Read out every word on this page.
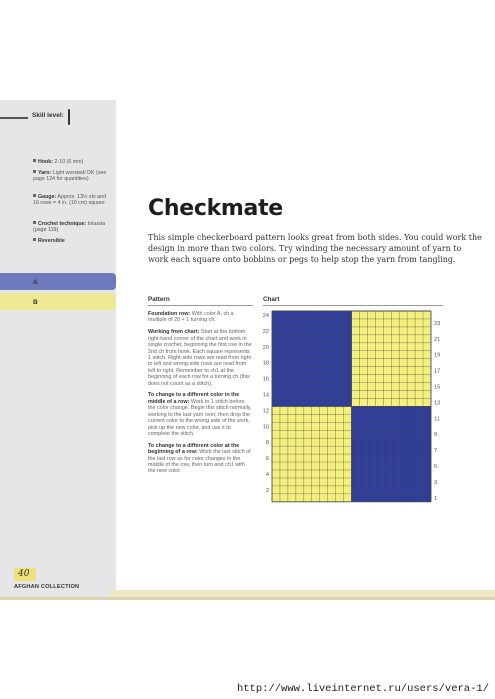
Skill level:
Hook: 2-10 (6 mm)
Yarn: Light worsted/ DK (see page 124 for quantities)
Gauge: Approx. 13½ sts and 16 rows = 4 in. (10 cm) square
Crochet technique: Intarsia (page 119)
Reversible
A
B
40
AFGHAN COLLECTION
Checkmate
This simple checkerboard pattern looks great from both sides. You could work the design in more than two colors. Try winding the necessary amount of yarn to work each square onto bobbins or pegs to help stop the yarn from tangling.
Pattern	Chart

Foundation row: With color A, ch a multiple of 20 + 1 turning ch.

Working from chart: Start at the bottom right-hand corner of the chart and work in single crochet, beginning the first row in the 2nd ch from hook. Each square represents 1 stitch. Right-side rows are read from right to left and wrong-side rows are read from left to right. Remember to ch1 at the beginning of each row for a turning ch (this does not count as a stitch).

To change to a different color in the middle of a row: Work to 1 stitch before the color change. Begin this stitch normally, working to the last yarn over, then drop the current color to the wrong side of the work, pick up the new color, and use it to complete the stitch.

To change to a different color at the beginning of a row: Work the last stitch of the last row as for color changes in the middle of the row, then turn and ch1 with the new color.

2
4
6
8
10
12
14
16
18
20
22
24
1
3
5
7
9
11
13
15
17
19
21
23
http://www.liveinternet.ru/users/vera-1/
